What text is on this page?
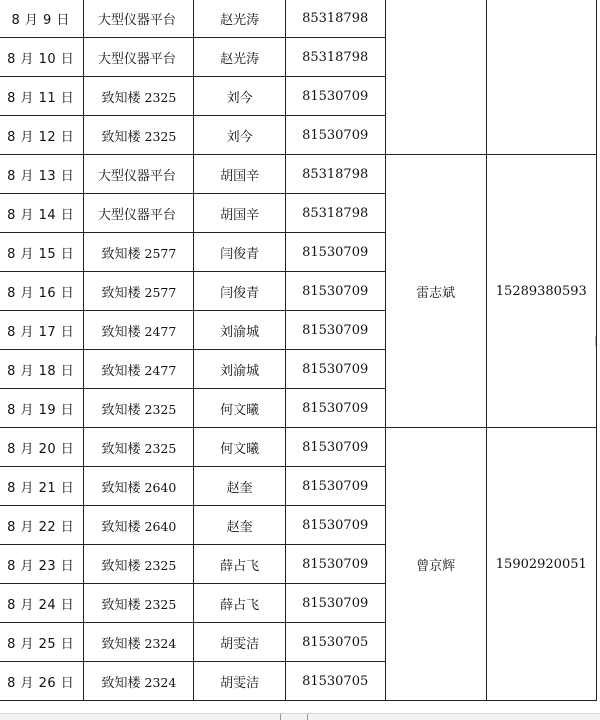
8 月 9 日	大型仪器平台	赵光涛	85318798		
8 月 10 日	大型仪器平台	赵光涛	85318798		
8 月 11 日	致知楼 2325	刘今	81530709		
8 月 12 日	致知楼 2325	刘今	81530709		
8 月 13 日	大型仪器平台	胡国辛	85318798	雷志斌	15289380593
8 月 14 日	大型仪器平台	胡国辛	85318798		
8 月 15 日	致知楼 2577	闫俊青	81530709		
8 月 16 日	致知楼 2577	闫俊青	81530709		
8 月 17 日	致知楼 2477	刘渝城	81530709		
8 月 18 日	致知楼 2477	刘渝城	81530709		
8 月 19 日	致知楼 2325	何文曦	81530709		
8 月 20 日	致知楼 2325	何文曦	81530709	曾京辉	15902920051
8 月 21 日	致知楼 2640	赵奎	81530709		
8 月 22 日	致知楼 2640	赵奎	81530709		
8 月 23 日	致知楼 2325	薛占飞	81530709		
8 月 24 日	致知楼 2325	薛占飞	81530709		
8 月 25 日	致知楼 2324	胡雯洁	81530705		
8 月 26 日	致知楼 2324	胡雯洁	81530705		
